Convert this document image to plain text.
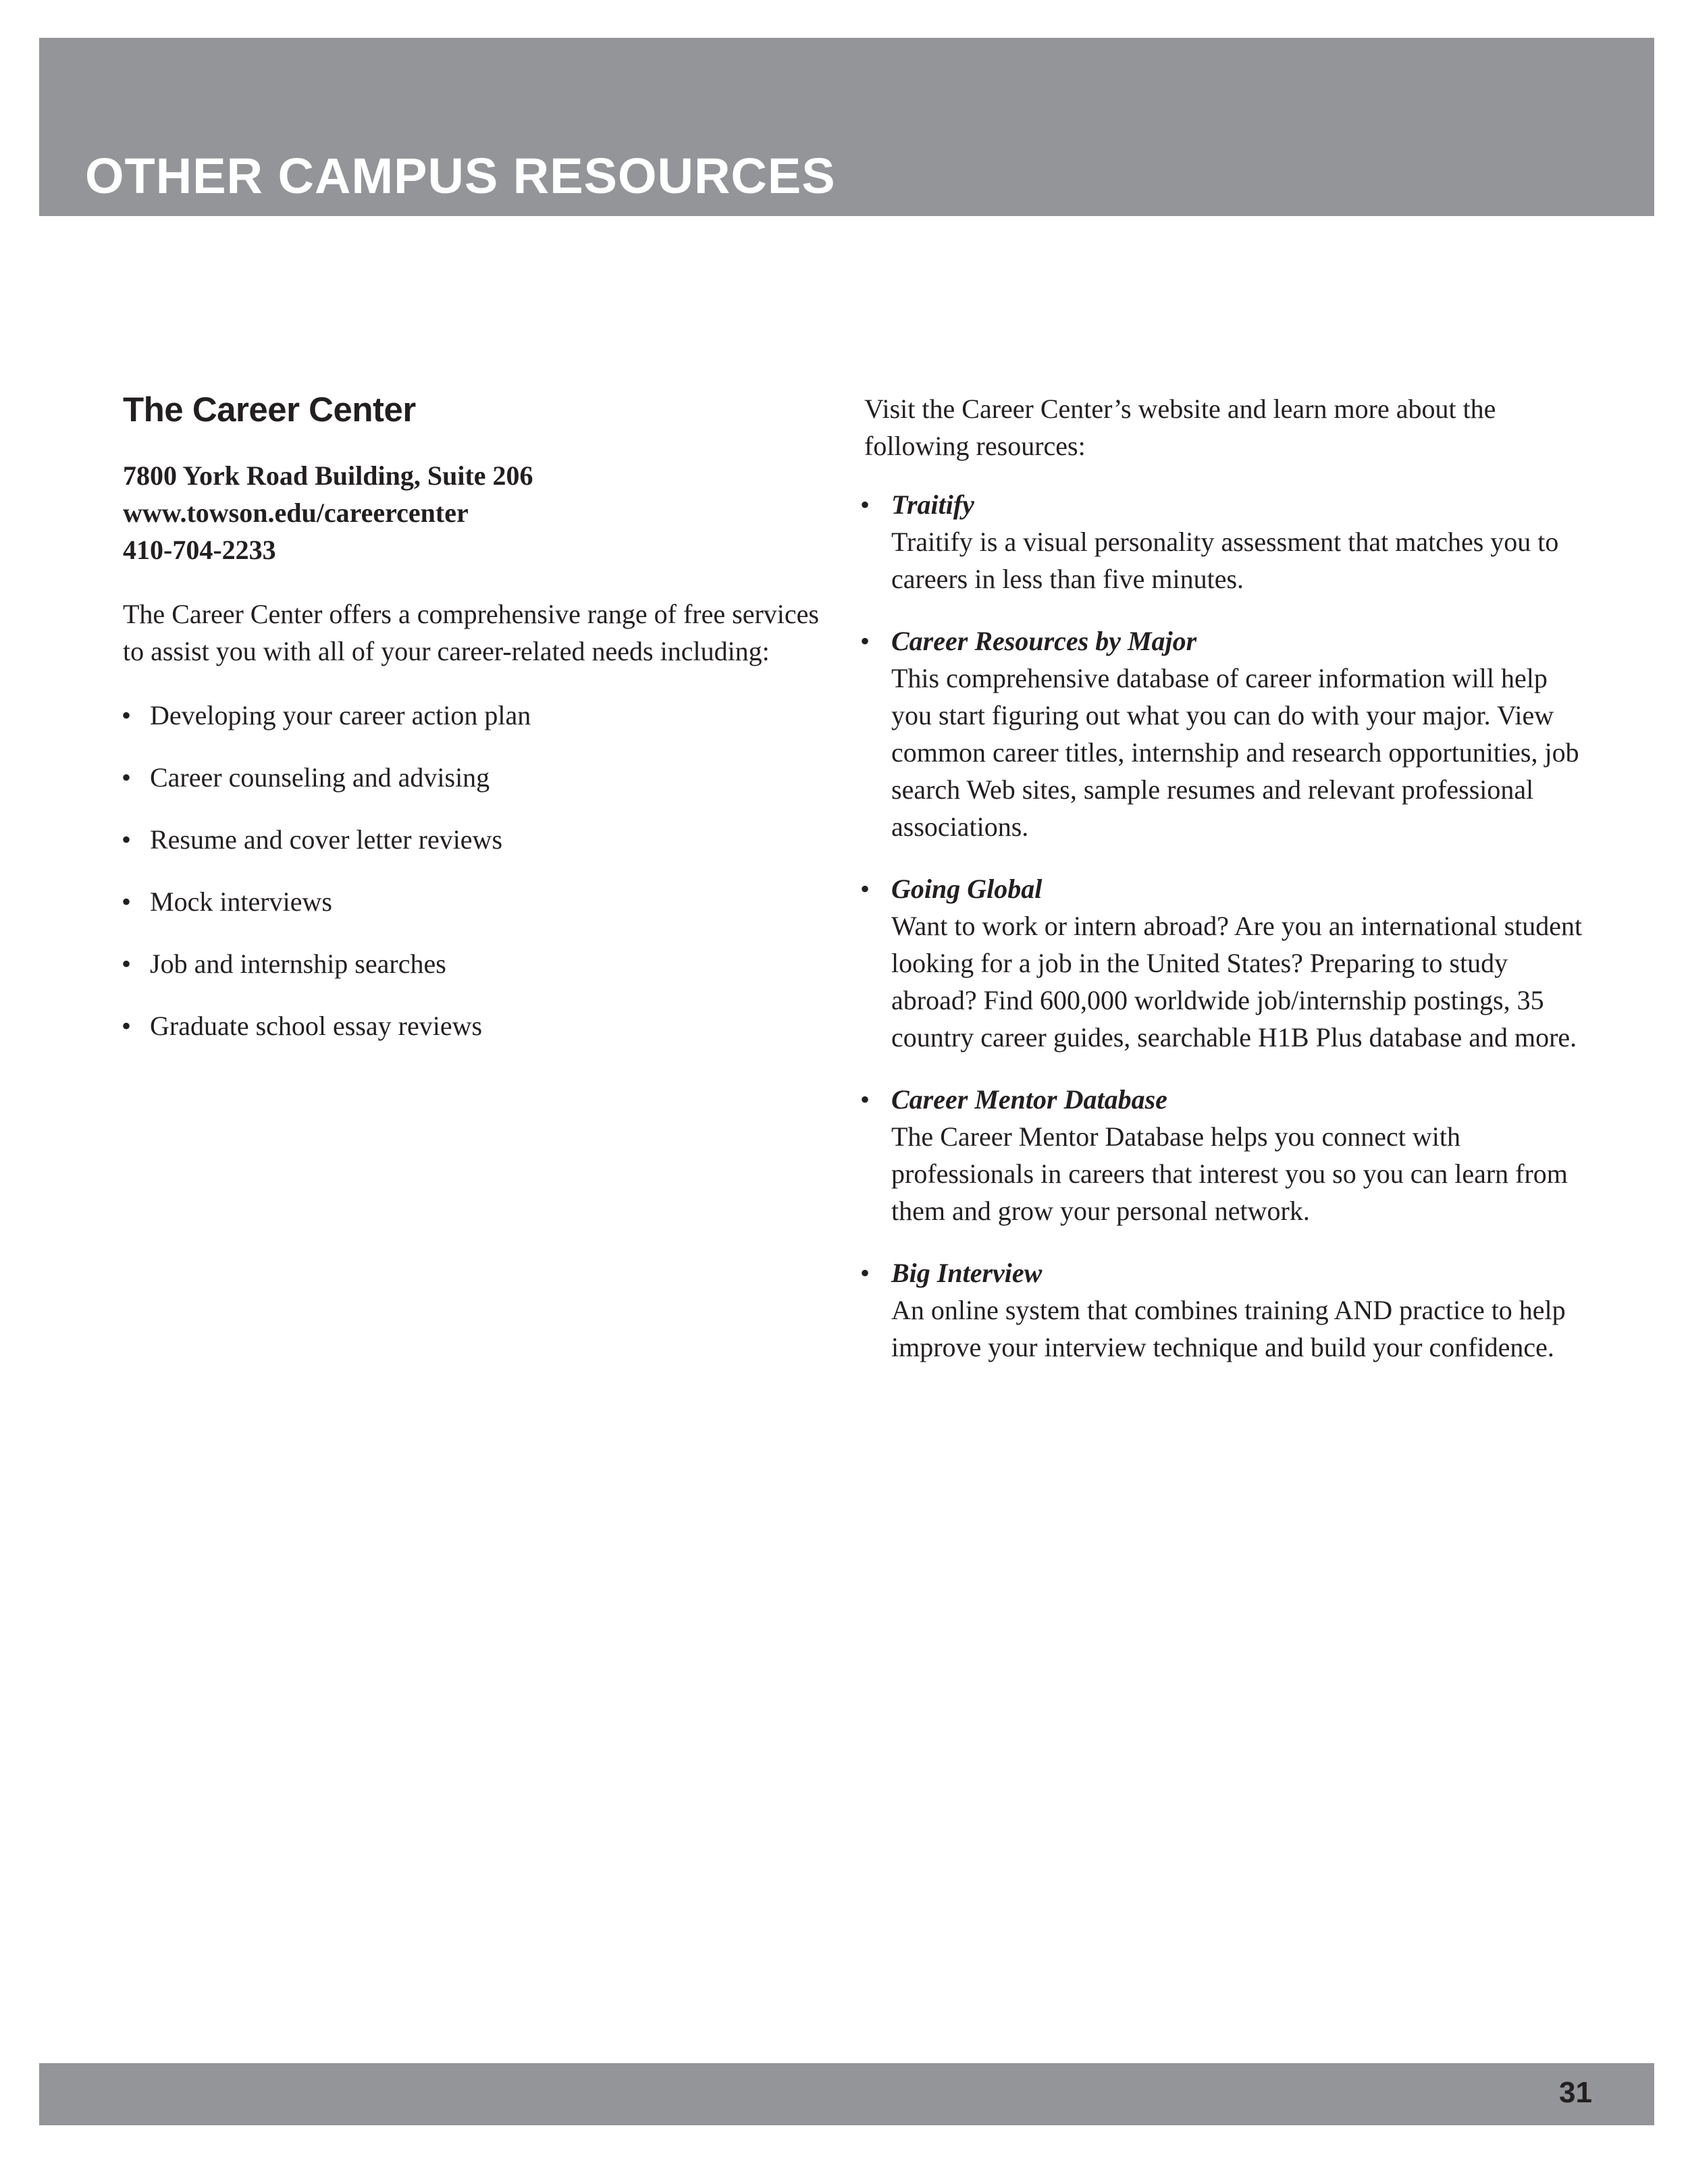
OTHER CAMPUS RESOURCES
The Career Center
7800 York Road Building, Suite 206
www.towson.edu/careercenter
410-704-2233

The Career Center offers a comprehensive range of free services to assist you with all of your career-related needs including:

• Developing your career action plan
• Career counseling and advising
• Resume and cover letter reviews
• Mock interviews
• Job and internship searches
• Graduate school essay reviews

Visit the Career Center’s website and learn more about the following resources:

• Traitify
Traitify is a visual personality assessment that matches you to careers in less than five minutes.
• Career Resources by Major
This comprehensive database of career information will help you start figuring out what you can do with your major. View common career titles, internship and research opportunities, job search Web sites, sample resumes and relevant professional associations.
• Going Global
Want to work or intern abroad? Are you an international student looking for a job in the United States? Preparing to study abroad? Find 600,000 worldwide job/internship postings, 35 country career guides, searchable H1B Plus database and more.
• Career Mentor Database
The Career Mentor Database helps you connect with professionals in careers that interest you so you can learn from them and grow your personal network.
• Big Interview
An online system that combines training AND practice to help improve your interview technique and build your confidence.

31
